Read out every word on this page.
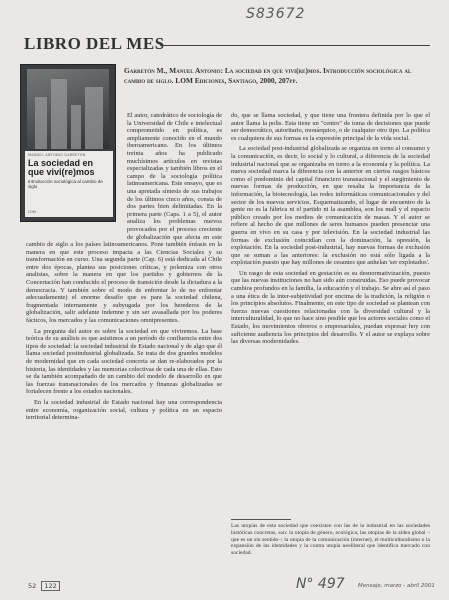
S83672
LIBRO DEL MES
MANUEL ANTONIO GARRETÓN
La sociedad en que vivi(re)mos
Introducción sociológica al cambio de siglo
LOM

Garretón M., Manuel Antonio: La sociedad en que vivi(re)mos. Introducción sociológica al cambio de siglo. LOM Ediciones, Santiago, 2000, 207pp.

El autor, catedrático de sociología de la Universidad de Chile e intelectual comprometido en política, es ampliamente conocido en el mundo iberoamericano. En los últimos treinta años ha publicado muchísimos artículos en revistas especializadas y también libros en el campo de la sociología política latinoamericana. Este ensayo, que es una apretada síntesis de sus trabajos de los últimos cinco años, consta de dos partes bien delimitadas. En la primera parte (Caps. 1 a 5), el autor analiza los problemas nuevos provocados por el proceso creciente de globalización que afecta en este cambio de siglo a los países latinoamericanos. Pone también énfasis en la manera en que este proceso impacta a las Ciencias Sociales y su transformación en curso. Una segunda parte (Cap. 6) está dedicada al Chile entre dos épocas, plantea sus posiciones críticas, y polemiza con otros analistas, sobre la manera en que los partidos y gobiernos de la Concertación han conducido el proceso de transición desde la dictadura a la democracia. Y también sobre el modo de enfrentar lo de no enfrentar adecuadamente) el enorme desafío que es para la sociedad chilena, fragmentada internamente y subyugada por los herederos de la globalización, salir adelante indemne y sin ser avasallada por los poderes fácticos, los mercados y las comunicaciones omnipresentes.

La pregunta del autor es sobre la sociedad en que viviremos. La base teórica de su análisis es que asistimos a un período de confluencia entre dos tipos de sociedad: la sociedad industrial de Estado nacional y de algo que él llama sociedad postindustrial globalizada. Se trata de dos grandes modelos de modernidad que en cada sociedad concreta se dan re-elaborados por la historia, las identidades y las memorias colectivas de cada una de ellas. Esto se da también acompañado de un cambio del modelo de desarrollo en que las fuerzas transnacionales de los mercados y finanzas globalizadas se fortalecen frente a los estados nacionales.

En la sociedad industrial de Estado nacional hay una correspondencia entre economía, organización social, cultura y política en un espacio territorial determina-

do, que se llama sociedad, y que tiene una frontera definida por lo que el autor llama la polis. Esta tiene un "centro" de toma de decisiones que puede ser democrático, autoritario, monárquico, o de cualquier otro tipo. La política es cualquiera de sus formas es la expresión principal de la vida social.

La sociedad post-industrial globalizada se organiza en torno al consumo y la comunicación, es decir, lo social y lo cultural, a diferencia de la sociedad industrial nacional que se organizaba en torno a la economía y la política. La nueva sociedad marca la diferencia con la anterior en ciertos rasgos básicos como el predominio del capital financiero transnacional y el surgimiento de nuevas formas de producción, en que resalta la importancia de la información, la biotecnología, las redes informáticas comunicacionales y del sector de los nuevos servicios. Esquematizando, el lugar de encuentro de la gente no es la fábrica ni el partido ni la asamblea, son los mall y el espacio público creado por los medios de comunicación de masas. Y el autor se refiere al hecho de que millones de seres humanos pueden presenciar una guerra en vivo en su casa y por televisión. En la sociedad industrial las formas de exclusión coincidían con la dominación, la opresión, la explotación. En la sociedad post-industrial, hay nuevas formas de exclusión que se suman a las anteriores: la exclusión no está sólo ligada a la explotación puesto que hay millones de cesantes que anhelan 'ser explotados'.

Un rasgo de esta sociedad en gestación es su desnormativización, puesto que las nuevas instituciones no han sido aún construidas. Eso puede provocar cambios profundos en la familia, la educación y el trabajo. Se abre así el paso a una ética de la inter-subjetividad por encima de la tradición, la religión o los principios absolutos. Finalmente, en este tipo de sociedad se plantean con fuerza nuevas cuestiones relacionadas con la diversidad cultural y la interculturalidad, lo que no hace sino posible que los actores sociales como el Estado, los movimientos obreros o empresariales, puedan expresar hoy con suficiente audiencia los principios del desarrollo. Y el autor se explaya sobre las diversas modernidades.

Las utopías de esta sociedad que coexisten con las de la industrial en las sociedades históricas concretas, son: la utopía de género, ecológica, las utopías de la aldea global –que es un sin sentido–; la utopía de la comunicación (internet), el multiculturalismo o la expansión de las identidades y la contra utopía neoliberal que identifica mercado con sociedad.
52 122	N° 497 Mensaje, marzo - abril 2001
